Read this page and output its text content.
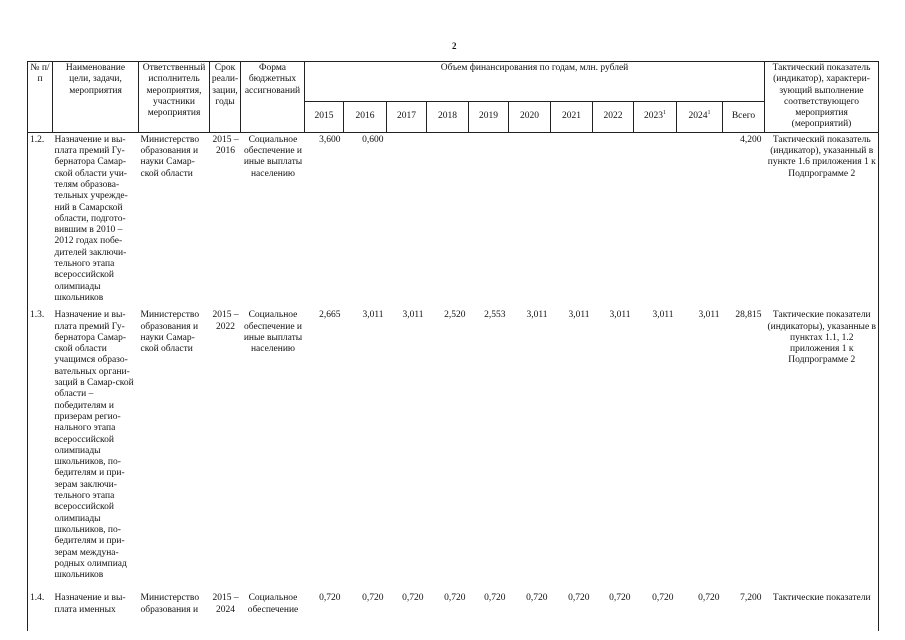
2
№ п/п	Наименование цели, задачи, мероприятия	Ответственный исполнитель мероприятия, участники мероприятия	Срок реали-зации, годы	Форма бюджетных ассигнований	Объем финансирования по годам, млн. рублей											Тактический показатель (индикатор), характери-зующий выполнение соответствующего мероприятия (мероприятий)
					2015	2016	2017	2018	2019	2020	2021	2022	2023$^1$	2024$^1$	Всего	
1.2.	Назначение и вы-плата премий Гу-бернатора Самар-ской области учи-телям образова-тельных учрежде-ний в Самарской области, подгото-вившим в 2010 – 2012 годах побе-дителей заключи-тельного этапа всероссийской олимпиады школьников	Министерство образования и науки Самар-ской области	2015 – 2016	Социальное обеспечение и иные выплаты населению	3,600	0,600									4,200	Тактический показатель (индикатор), указанный в пункте 1.6 приложения 1 к Подпрограмме 2
1.3.	Назначение и вы-плата премий Гу-бернатора Самар-ской области учащимся образо-вательных органи-заций в Самар-ской области – победителям и призерам регио-нального этапа всероссийской олимпиады школьников, по-бедителям и при-зерам заключи-тельного этапа всероссийской олимпиады школьников, по-бедителям и при-зерам междуна-родных олимпиад школьников	Министерство образования и науки Самар-ской области	2015 – 2022	Социальное обеспечение и иные выплаты населению	2,665	3,011	3,011	2,520	2,553	3,011	3,011	3,011	3,011	3,011	28,815	Тактические показатели (индикаторы), указанные в пунктах 1.1, 1.2 приложения 1 к Подпрограмме 2
1.4.	Назначение и вы-плата именных	Министерство образования и	2015 – 2024	Социальное обеспечение	0,720	0,720	0,720	0,720	0,720	0,720	0,720	0,720	0,720	0,720	7,200	Тактические показатели
